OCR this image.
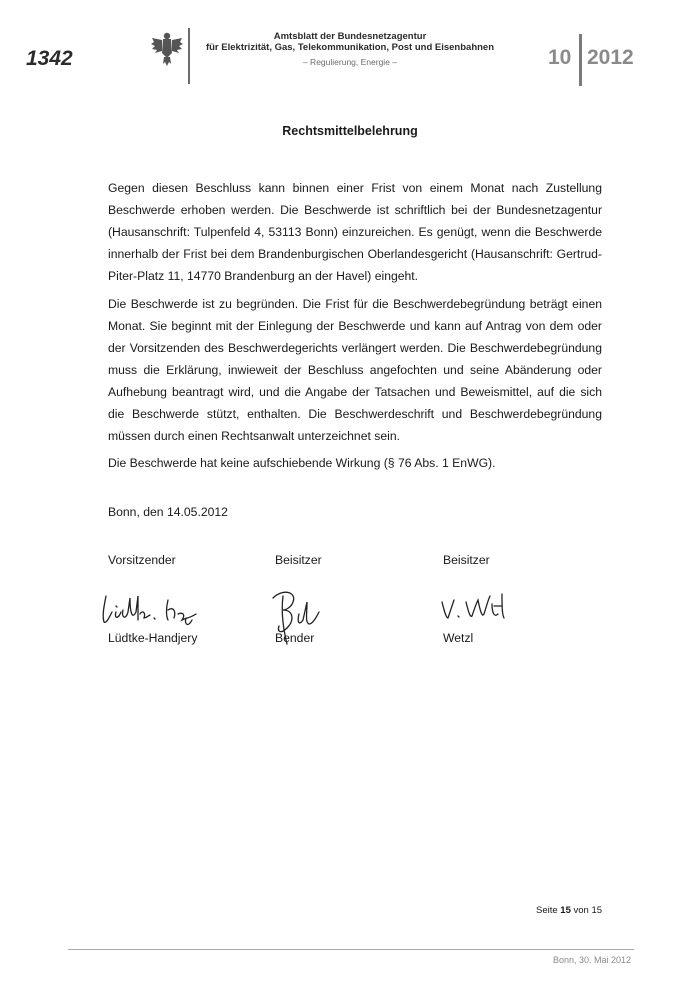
1342
Amtsblatt der Bundesnetzagentur
für Elektrizität, Gas, Telekommunikation, Post und Eisenbahnen
– Regulierung, Energie –	10 2012
Rechtsmittelbelehrung

Gegen diesen Beschluss kann binnen einer Frist von einem Monat nach Zustellung Beschwerde erhoben werden. Die Beschwerde ist schriftlich bei der Bundesnetzagentur (Hausanschrift: Tulpenfeld 4, 53113 Bonn) einzureichen. Es genügt, wenn die Beschwerde innerhalb der Frist bei dem Brandenburgischen Oberlandesgericht (Hausanschrift: Gertrud-Piter-Platz 11, 14770 Brandenburg an der Havel) eingeht.

Die Beschwerde ist zu begründen. Die Frist für die Beschwerdebegründung beträgt einen Monat. Sie beginnt mit der Einlegung der Beschwerde und kann auf Antrag von dem oder der Vorsitzenden des Beschwerdegerichts verlängert werden. Die Beschwerdebegründung muss die Erklärung, inwieweit der Beschluss angefochten und seine Abänderung oder Aufhebung beantragt wird, und die Angabe der Tatsachen und Beweismittel, auf die sich die Beschwerde stützt, enthalten. Die Beschwerdeschrift und Beschwerdebegründung müssen durch einen Rechtsanwalt unterzeichnet sein.

Die Beschwerde hat keine aufschiebende Wirkung (§ 76 Abs. 1 EnWG).

Bonn, den 14.05.2012
Vorsitzender	Beisitzer	Beisitzer
Lüdtke-Handjery	Bender	Wetzl
Seite 15 von 15
Bonn, 30. Mai 2012
